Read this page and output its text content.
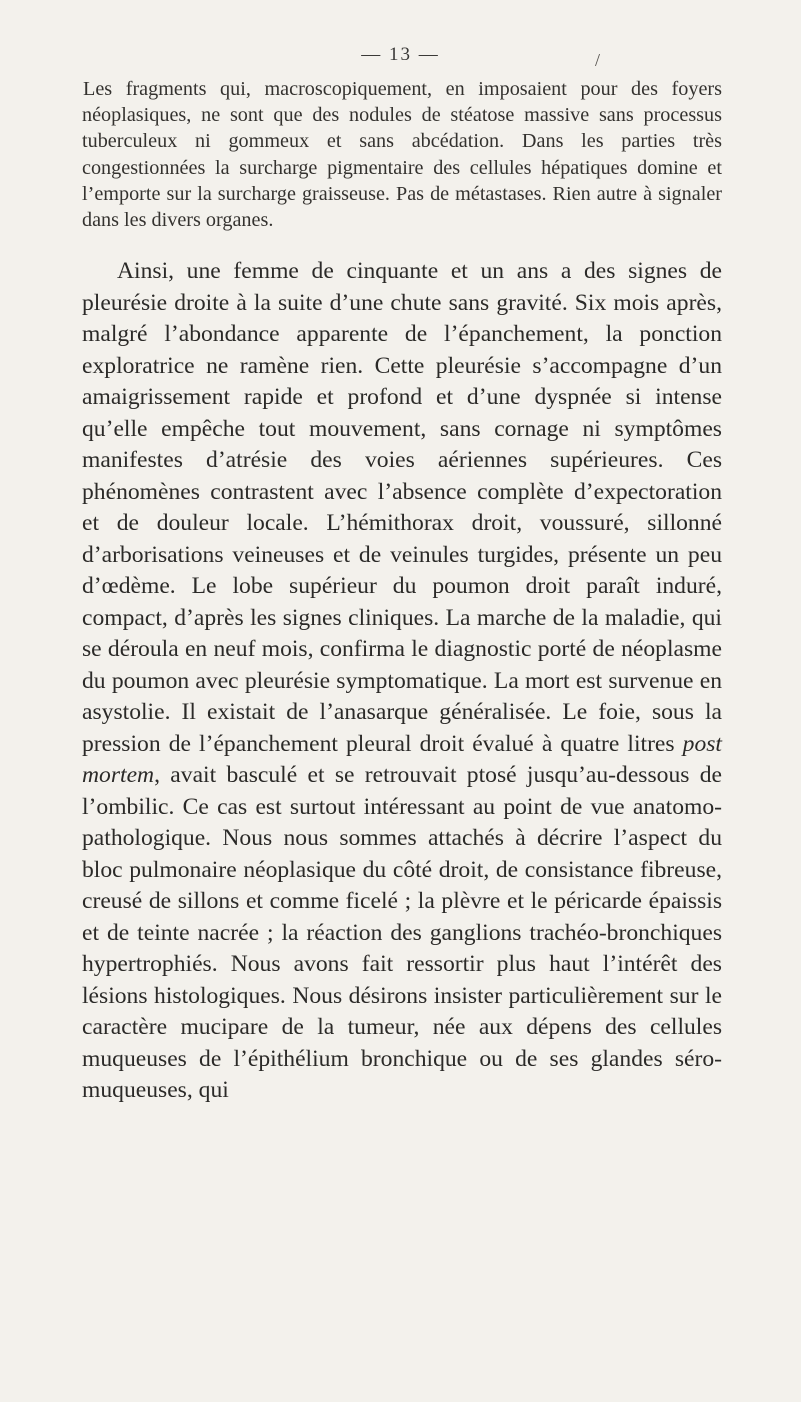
— 13 —	/

Les fragments qui, macroscopiquement, en imposaient pour des foyers néoplasiques, ne sont que des nodules de stéatose massive sans processus tuberculeux ni gommeux et sans abcédation. Dans les parties très congestionnées la surcharge pigmentaire des cellules hépatiques domine et l’emporte sur la surcharge graisseuse. Pas de métastases. Rien autre à signaler dans les divers organes.

Ainsi, une femme de cinquante et un ans a des signes de pleurésie droite à la suite d’une chute sans gravité. Six mois après, malgré l’abondance apparente de l’épanchement, la ponction exploratrice ne ramène rien. Cette pleurésie s’accompagne d’un amaigrissement rapide et profond et d’une dyspnée si intense qu’elle empêche tout mouvement, sans cornage ni symptômes manifestes d’atrésie des voies aériennes supérieures. Ces phénomènes contrastent avec l’absence complète d’expectoration et de douleur locale. L’hémithorax droit, voussuré, sillonné d’arborisations veineuses et de veinules turgides, présente un peu d’œdème. Le lobe supérieur du poumon droit paraît induré, compact, d’après les signes cliniques. La marche de la maladie, qui se déroula en neuf mois, confirma le diagnostic porté de néoplasme du poumon avec pleurésie symptomatique. La mort est survenue en asystolie. Il existait de l’anasarque généralisée. Le foie, sous la pression de l’épanchement pleural droit évalué à quatre litres post mortem, avait basculé et se retrouvait ptosé jusqu’au-dessous de l’ombilic. Ce cas est surtout intéressant au point de vue anatomo-pathologique. Nous nous sommes attachés à décrire l’aspect du bloc pulmonaire néoplasique du côté droit, de consistance fibreuse, creusé de sillons et comme ficelé ; la plèvre et le péricarde épaissis et de teinte nacrée ; la réaction des ganglions trachéo-bronchiques hypertrophiés. Nous avons fait ressortir plus haut l’intérêt des lésions histologiques. Nous désirons insister particulièrement sur le caractère mucipare de la tumeur, née aux dépens des cellules muqueuses de l’épithélium bronchique ou de ses glandes séro-muqueuses, qui
